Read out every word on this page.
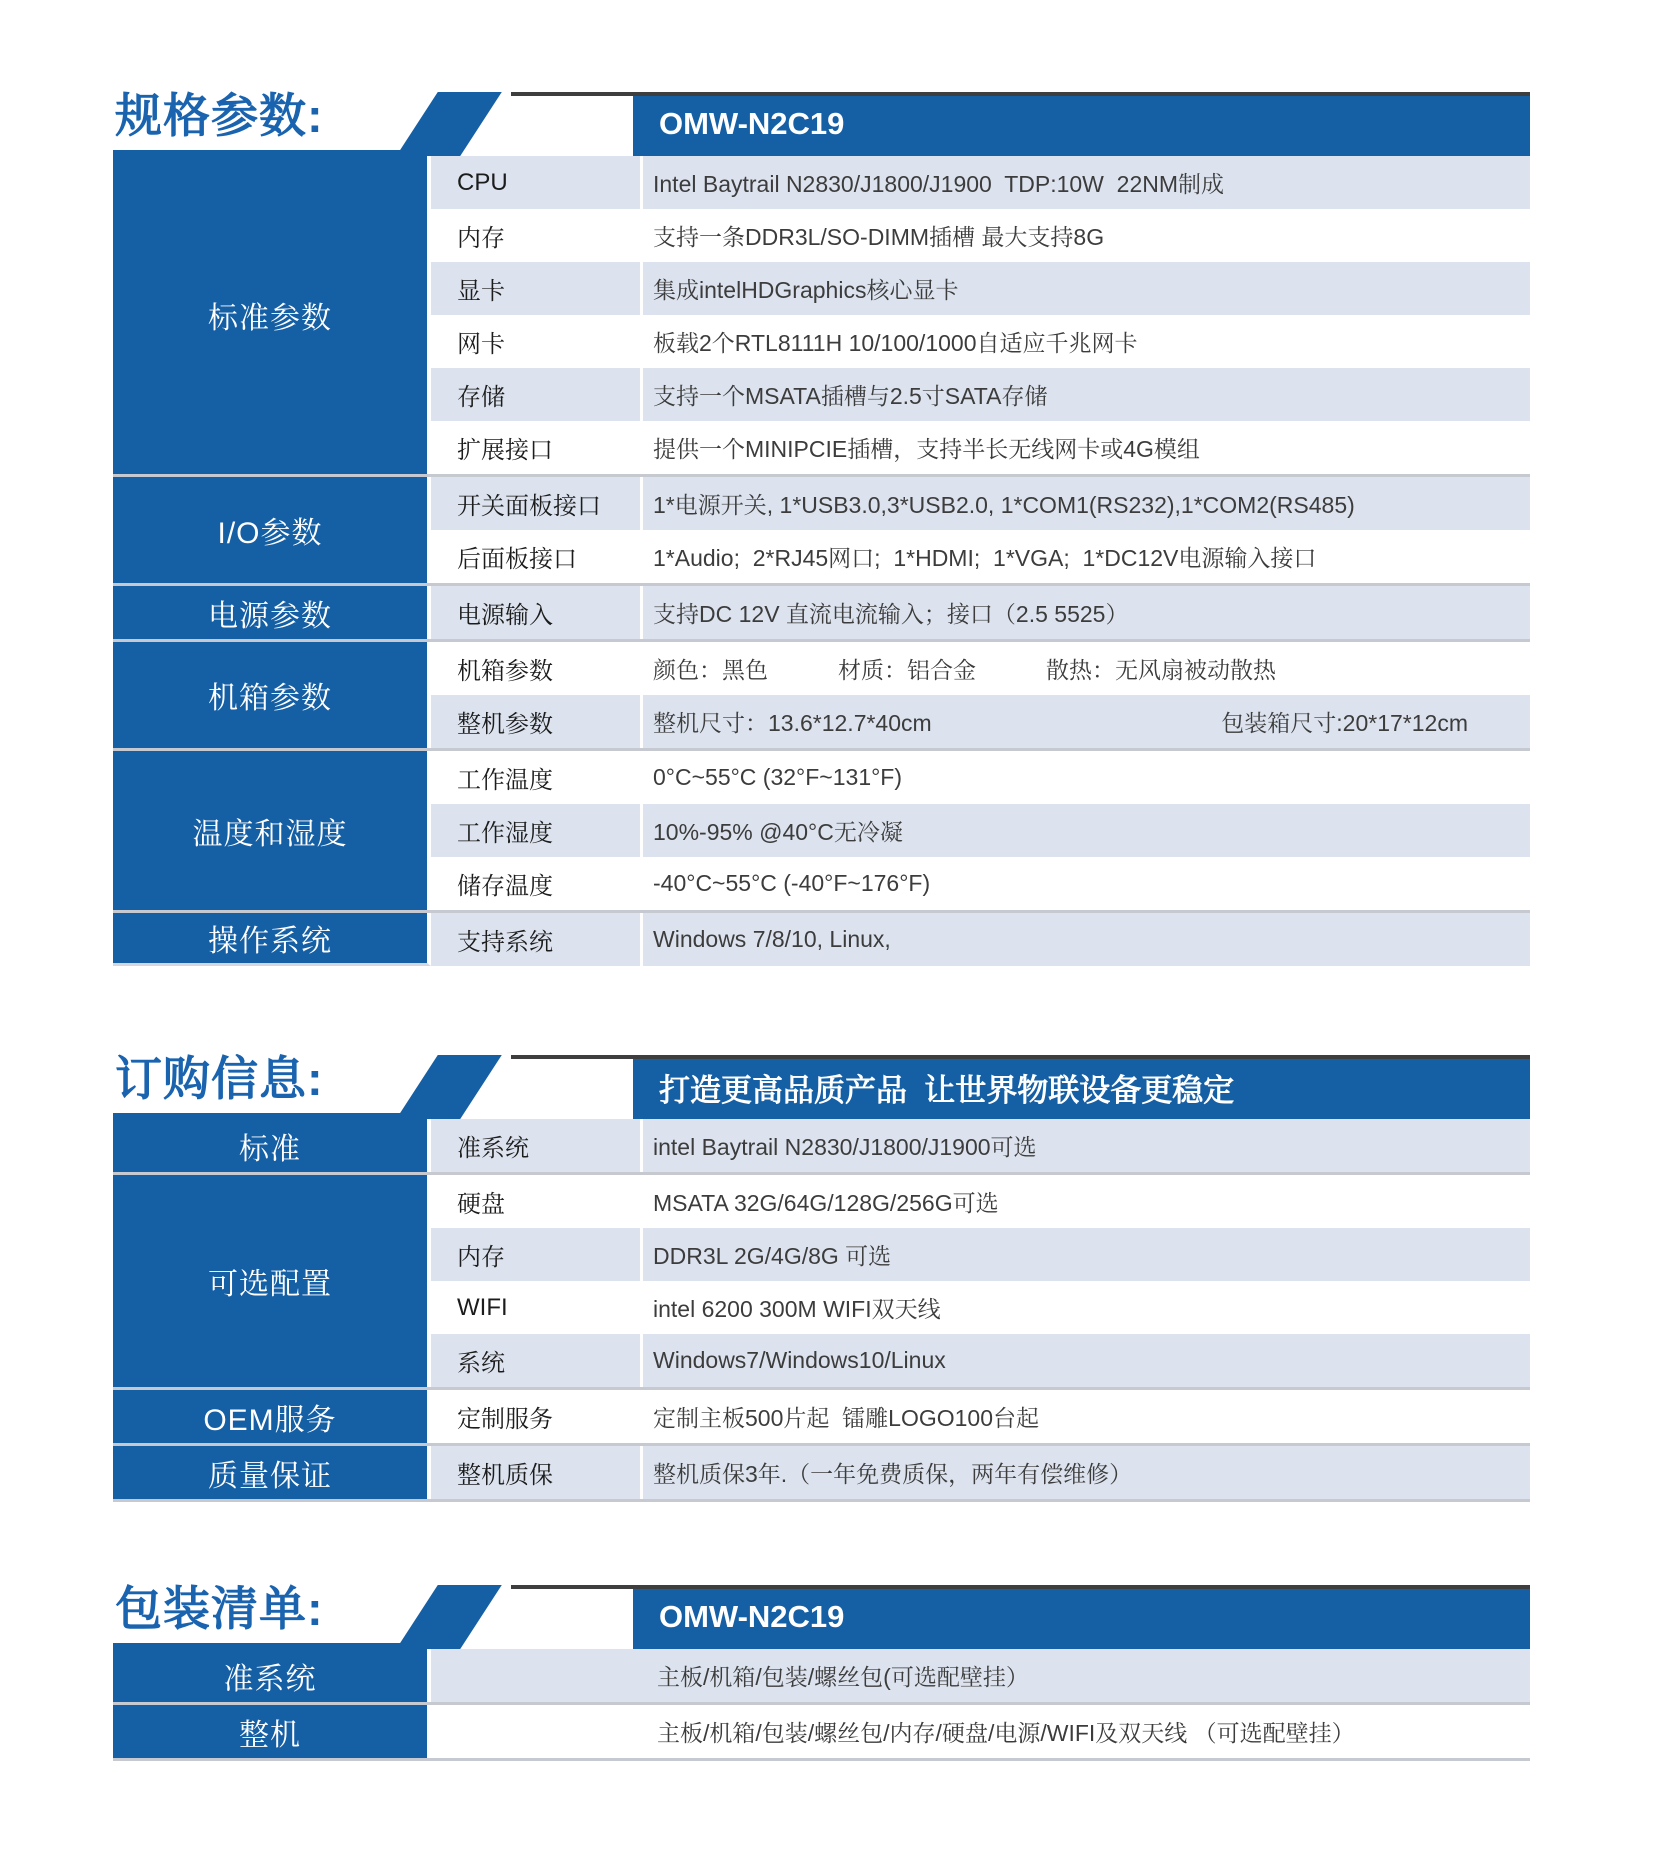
规格参数:	OMW-N2C19
标准参数
CPU	Intel Baytrail N2830/J1800/J1900  TDP:10W  22NM制成
内存	支持一条DDR3L/SO-DIMM插槽 最大支持8G
显卡	集成intelHDGraphics核心显卡
网卡	板载2个RTL8111H 10/100/1000自适应千兆网卡
存储	支持一个MSATA插槽与2.5寸SATA存储
扩展接口	提供一个MINIPCIE插槽，支持半长无线网卡或4G模组
I/O参数
开关面板接口	1*电源开关, 1*USB3.0,3*USB2.0, 1*COM1(RS232),1*COM2(RS485)
后面板接口	1*Audio;  2*RJ45网口;  1*HDMI;  1*VGA;  1*DC12V电源输入接口
电源参数	电源输入	支持DC 12V 直流电流输入；接口（2.5 5525）
机箱参数
机箱参数	颜色：黑色	材质：铝合金	散热：无风扇被动散热
整机参数	整机尺寸：13.6*12.7*40cm	包装箱尺寸:20*17*12cm
温度和湿度
工作温度	0°C~55°C (32°F~131°F)
工作湿度	10%-95% @40°C无冷凝
储存温度	-40°C~55°C (-40°F~176°F)
操作系统	支持系统	Windows 7/8/10, Linux,
订购信息:	打造更高品质产品  让世界物联设备更稳定
标准	准系统	intel Baytrail N2830/J1800/J1900可选
可选配置
硬盘	MSATA 32G/64G/128G/256G可选
内存	DDR3L 2G/4G/8G 可选
WIFI	intel 6200 300M WIFI双天线
系统	Windows7/Windows10/Linux
OEM服务	定制服务	定制主板500片起  镭雕LOGO100台起
质量保证	整机质保	整机质保3年.（一年免费质保，两年有偿维修）
包装清单:	OMW-N2C19
准系统	主板/机箱/包装/螺丝包(可选配壁挂）
整机	主板/机箱/包装/螺丝包/内存/硬盘/电源/WIFI及双天线 （可选配壁挂）
